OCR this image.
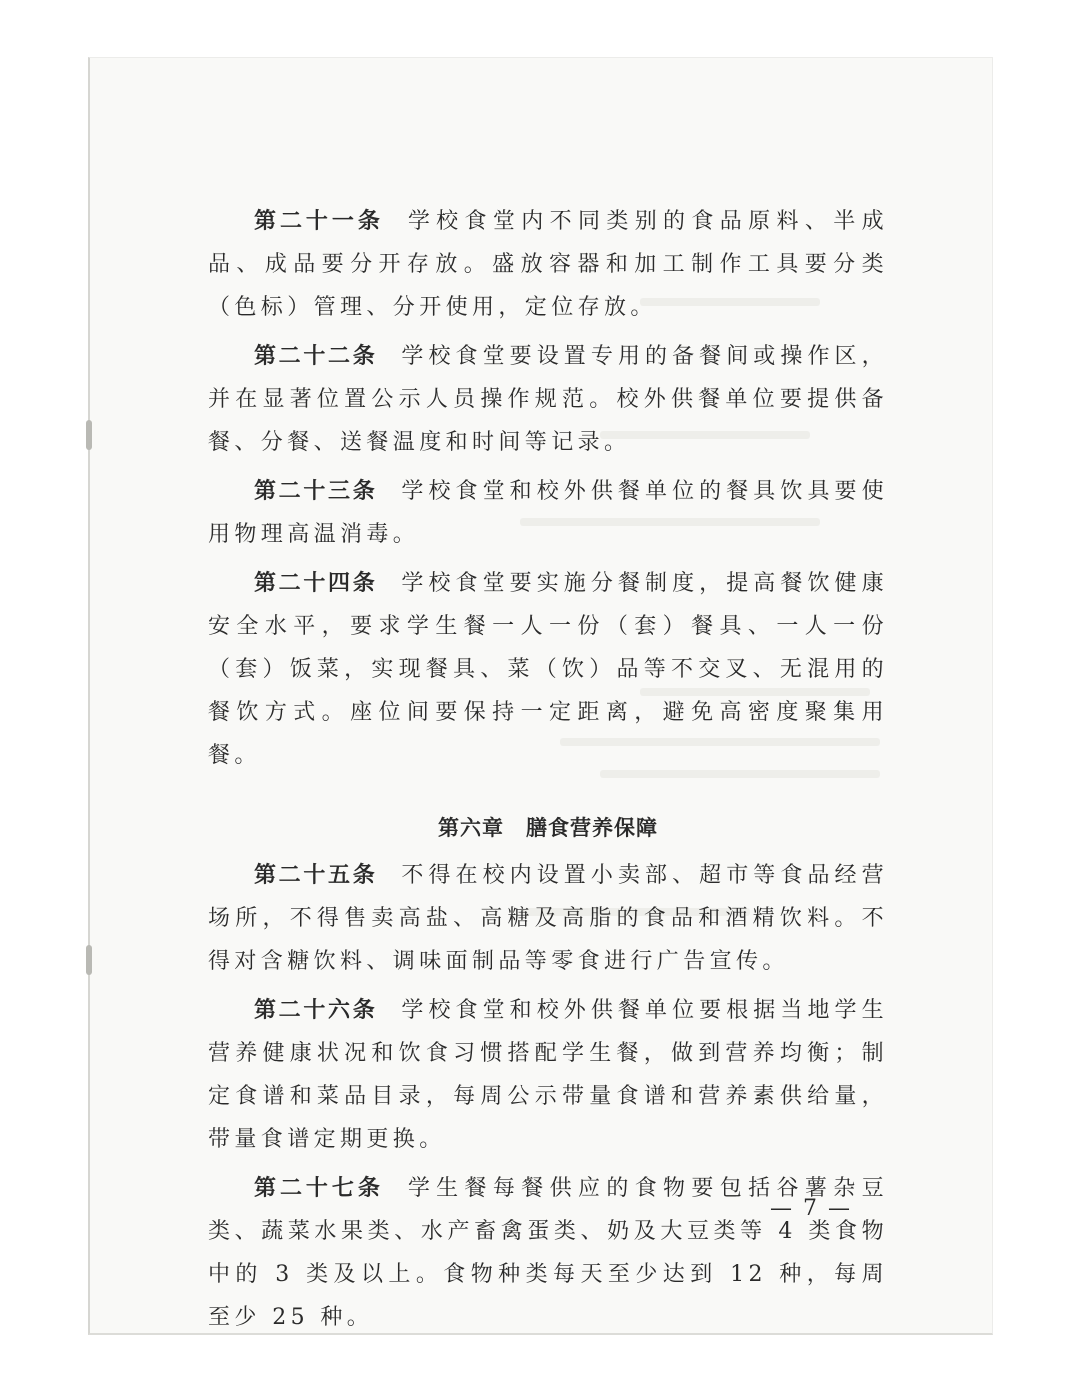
第二十一条 学校食堂内不同类别的食品原料、半成品、成品要分开存放。盛放容器和加工制作工具要分类（色标）管理、分开使用，定位存放。

第二十二条 学校食堂要设置专用的备餐间或操作区，并在显著位置公示人员操作规范。校外供餐单位要提供备餐、分餐、送餐温度和时间等记录。

第二十三条 学校食堂和校外供餐单位的餐具饮具要使用物理高温消毒。

第二十四条 学校食堂要实施分餐制度，提高餐饮健康安全水平，要求学生餐一人一份（套）餐具、一人一份（套）饭菜，实现餐具、菜（饮）品等不交叉、无混用的餐饮方式。座位间要保持一定距离，避免高密度聚集用餐。

第六章 膳食营养保障

第二十五条 不得在校内设置小卖部、超市等食品经营场所，不得售卖高盐、高糖及高脂的食品和酒精饮料。不得对含糖饮料、调味面制品等零食进行广告宣传。

第二十六条 学校食堂和校外供餐单位要根据当地学生营养健康状况和饮食习惯搭配学生餐，做到营养均衡；制定食谱和菜品目录，每周公示带量食谱和营养素供给量，带量食谱定期更换。

第二十七条 学生餐每餐供应的食物要包括谷薯杂豆类、蔬菜水果类、水产畜禽蛋类、奶及大豆类等 4 类食物中的 3 类及以上。食物种类每天至少达到 12 种，每周至少 25 种。

— 7 —
